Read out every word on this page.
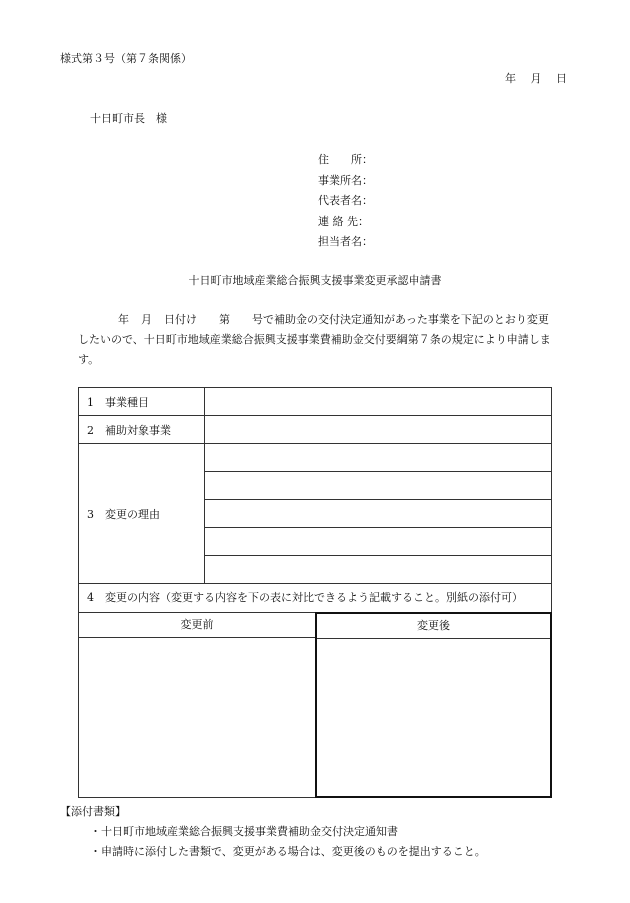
様式第３号（第７条関係）
年 月 日
十日町市長　様
住　　所：
事業所名：
代表者名：
連 絡 先：
担当者名：
十日町市地域産業総合振興支援事業変更承認申請書
年 月 日付け 第 号で補助金の交付決定通知があった事業を下記のとおり変更したいので、十日町市地域産業総合振興支援事業費補助金交付要綱第７条の規定により申請します。
1　事業種目	
2　補助対象事業	
3　変更の理由	

4　変更の内容（変更する内容を下の表に対比できるよう記載すること。別紙の添付可）
変更前	変更後
【添付書類】
・十日町市地域産業総合振興支援事業費補助金交付決定通知書
・申請時に添付した書類で、変更がある場合は、変更後のものを提出すること。
